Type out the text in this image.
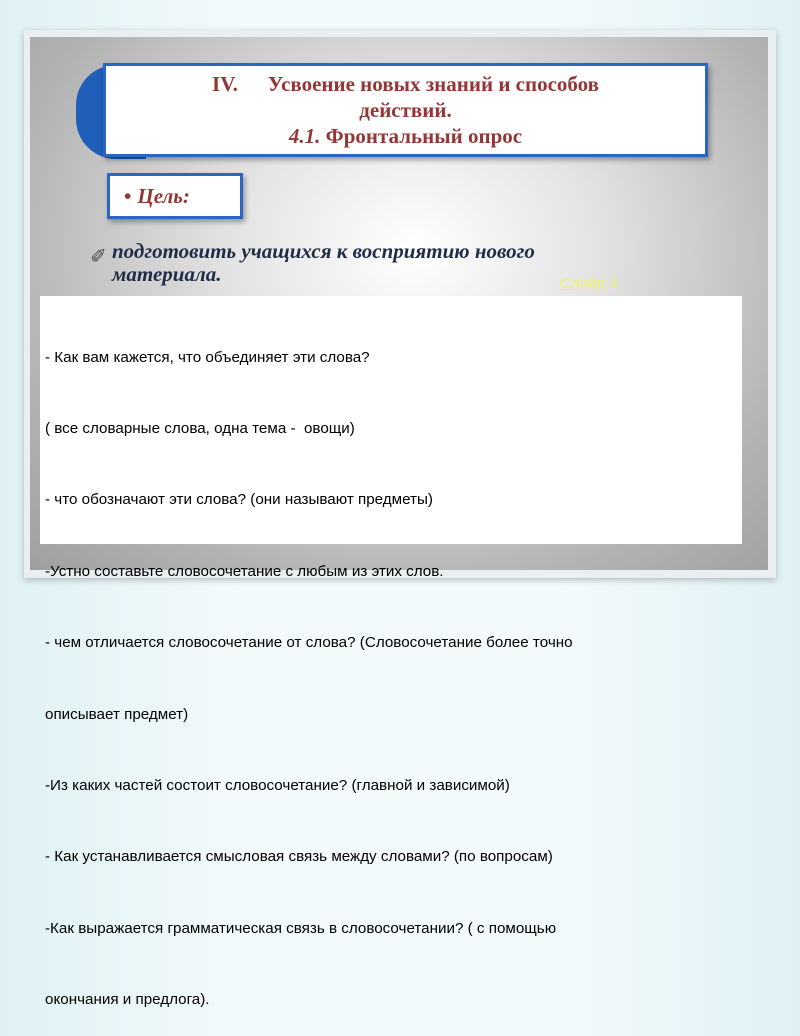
IV. Усвоение новых знаний и способов
действий.
4.1. Фронтальный опрос
• Цель:
✐ подготовить учащихся к восприятию нового
материала.	Слайд 3

- Как вам кажется, что объединяет эти слова?

( все словарные слова, одна тема -  овощи)

- что обозначают эти слова? (они называют предметы)

-Устно составьте словосочетание с любым из этих слов.

- чем отличается словосочетание от слова? (Словосочетание более точно

описывает предмет)

-Из каких частей состоит словосочетание? (главной и зависимой)

- Как устанавливается смысловая связь между словами? (по вопросам)

-Как выражается грамматическая связь в словосочетании? ( с помощью

окончания и предлога).
